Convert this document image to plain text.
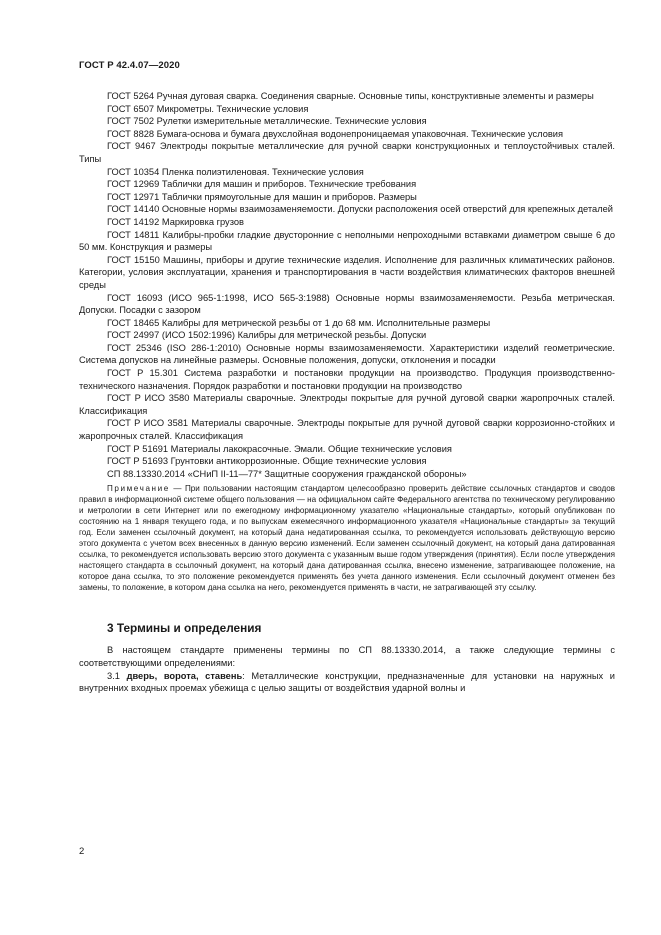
ГОСТ Р 42.4.07—2020

ГОСТ 5264 Ручная дуговая сварка. Соединения сварные. Основные типы, конструктивные элементы и размеры

ГОСТ 6507 Микрометры. Технические условия

ГОСТ 7502 Рулетки измерительные металлические. Технические условия

ГОСТ 8828 Бумага-основа и бумага двухслойная водонепроницаемая упаковочная. Технические условия

ГОСТ 9467 Электроды покрытые металлические для ручной сварки конструкционных и теплоустойчивых сталей. Типы

ГОСТ 10354 Пленка полиэтиленовая. Технические условия

ГОСТ 12969 Таблички для машин и приборов. Технические требования

ГОСТ 12971 Таблички прямоугольные для машин и приборов. Размеры

ГОСТ 14140 Основные нормы взаимозаменяемости. Допуски расположения осей отверстий для крепежных деталей

ГОСТ 14192 Маркировка грузов

ГОСТ 14811 Калибры-пробки гладкие двусторонние с неполными непроходными вставками диаметром свыше 6 до 50 мм. Конструкция и размеры

ГОСТ 15150 Машины, приборы и другие технические изделия. Исполнение для различных климатических районов. Категории, условия эксплуатации, хранения и транспортирования в части воздействия климатических факторов внешней среды

ГОСТ 16093 (ИСО 965-1:1998, ИСО 565-3:1988) Основные нормы взаимозаменяемости. Резьба метрическая. Допуски. Посадки с зазором

ГОСТ 18465 Калибры для метрической резьбы от 1 до 68 мм. Исполнительные размеры

ГОСТ 24997 (ИСО 1502:1996) Калибры для метрической резьбы. Допуски

ГОСТ 25346 (ISO 286-1:2010) Основные нормы взаимозаменяемости. Характеристики изделий геометрические. Система допусков на линейные размеры. Основные положения, допуски, отклонения и посадки

ГОСТ Р 15.301 Система разработки и постановки продукции на производство. Продукция производственно-технического назначения. Порядок разработки и постановки продукции на производство

ГОСТ Р ИСО 3580 Материалы сварочные. Электроды покрытые для ручной дуговой сварки жаропрочных сталей. Классификация

ГОСТ Р ИСО 3581 Материалы сварочные. Электроды покрытые для ручной дуговой сварки коррозионно-стойких и жаропрочных сталей. Классификация

ГОСТ Р 51691 Материалы лакокрасочные. Эмали. Общие технические условия

ГОСТ Р 51693 Грунтовки антикоррозионные. Общие технические условия

СП 88.13330.2014 «СНиП II-11—77* Защитные сооружения гражданской обороны»

Примечание — При пользовании настоящим стандартом целесообразно проверить действие ссылочных стандартов и сводов правил в информационной системе общего пользования — на официальном сайте Федерального агентства по техническому регулированию и метрологии в сети Интернет или по ежегодному информационному указателю «Национальные стандарты», который опубликован по состоянию на 1 января текущего года, и по выпускам ежемесячного информационного указателя «Национальные стандарты» за текущий год. Если заменен ссылочный документ, на который дана недатированная ссылка, то рекомендуется использовать действующую версию этого документа с учетом всех внесенных в данную версию изменений. Если заменен ссылочный документ, на который дана датированная ссылка, то рекомендуется использовать версию этого документа с указанным выше годом утверждения (принятия). Если после утверждения настоящего стандарта в ссылочный документ, на который дана датированная ссылка, внесено изменение, затрагивающее положение, на которое дана ссылка, то это положение рекомендуется применять без учета данного изменения. Если ссылочный документ отменен без замены, то положение, в котором дана ссылка на него, рекомендуется применять в части, не затрагивающей эту ссылку.

3 Термины и определения

В настоящем стандарте применены термины по СП 88.13330.2014, а также следующие термины с соответствующими определениями:

3.1 дверь, ворота, ставень: Металлические конструкции, предназначенные для установки на наружных и внутренних входных проемах убежища с целью защиты от воздействия ударной волны и

2
